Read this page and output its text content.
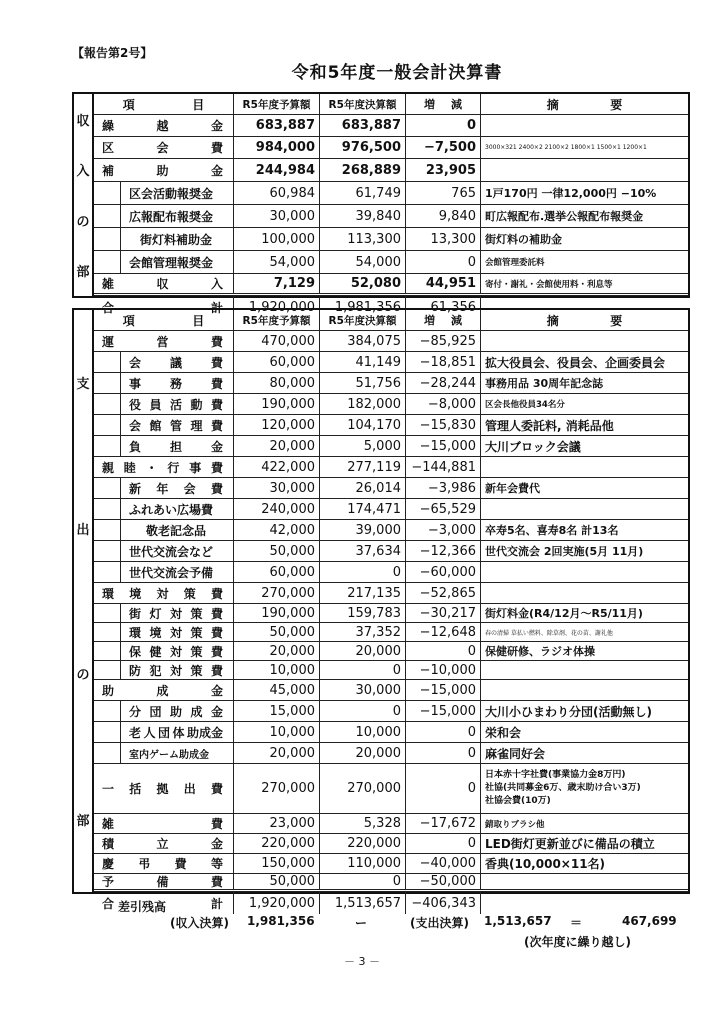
【報告第2号】
令和5年度一般会計決算書
収
入
の
部
項	目	R5年度予算額	R5年度決算額	増 減	摘	要
繰	越	金	683,887	683,887	0
区	会	費	984,000	976,500	−7,500	3000×321 2400×2 2100×2 1800×1 1500×1 1200×1
補	助	金	244,984	268,889	23,905
区会活動報奨金	60,984	61,749	765 1戸170円 一律12,000円 −10%
広報配布報奨金	30,000	39,840	9,840 町広報配布.選挙公報配布報奨金
街灯料補助金	100,000	113,300	13,300 街灯料の補助金
会館管理報奨金	54,000	54,000	0	会館管理委託料
雑	収	入	7,129	52,080	44,951	寄付・謝礼・会館使用料・利息等
合	計	1,920,000	1,981,356	61,356
支
出
の
部
項	目	R5年度予算額	R5年度決算額	増 減	摘	要
運	営	費	470,000	384,075	−85,925
会 議 費	60,000	41,149	−18,851 拡大役員会、役員会、企画委員会
事 務 費	80,000	51,756	−28,244 事務用品 30周年記念誌
役 員 活 動 費	190,000	182,000	−8,000	区会長他役員34名分
会 館 管 理 費	120,000	104,170	−15,830 管理人委託料, 消耗品他
負 担 金	20,000	5,000	−15,000 大川ブロック会議
親 睦 ・ 行 事 費	422,000	277,119 −144,881
新 年 会 費	30,000	26,014	−3,986 新年会費代
ふれあい広場費	240,000	174,471	−65,529
敬老記念品	42,000	39,000	−3,000 卒寿5名、喜寿8名 計13名
世代交流会など	50,000	37,634	−12,366 世代交流会 2回実施(5月 11月)
世代交流会予備	60,000	0	−60,000
環 境 対 策 費	270,000	217,135	−52,865
街 灯 対 策 費	190,000	159,783	−30,217 街灯料金(R4/12月～R5/11月)
環 境 対 策 費	50,000	37,352	−12,648	春の清掃 草払い燃料、除草剤、花の苗、謝礼他
保 健 対 策 費	20,000	20,000	0 保健研修、ラジオ体操
防 犯 対 策 費	10,000	0	−10,000
助	成	金	45,000	30,000	−15,000
分 団 助 成 金	15,000	0	−15,000 大川小ひまわり分団(活動無し)
老 人 団 体 助成金	10,000	10,000	0 栄和会
室内ゲーム助成金	20,000	20,000	0 麻雀同好会
一 括 拠 出 費	270,000	270,000	0
日本赤十字社費(事業協力金8万円)
社協(共同募金6万、歳末助け合い3万)
社協会費(10万)
雑	費	23,000	5,328	−17,672	錆取りブラシ他
積	立	金	220,000	220,000	0 LED街灯更新並びに備品の積立
慶 弔 費 等	150,000	110,000	−40,000 香典(10,000×11名)
予	備	費	50,000	0	−50,000
合	計	1,920,000	1,513,657 −406,343
差引残高
(収入決算) 1,981,356	ー	(支出決算) 1,513,657 ＝	467,699
(次年度に繰り越し)
－ 3 －
